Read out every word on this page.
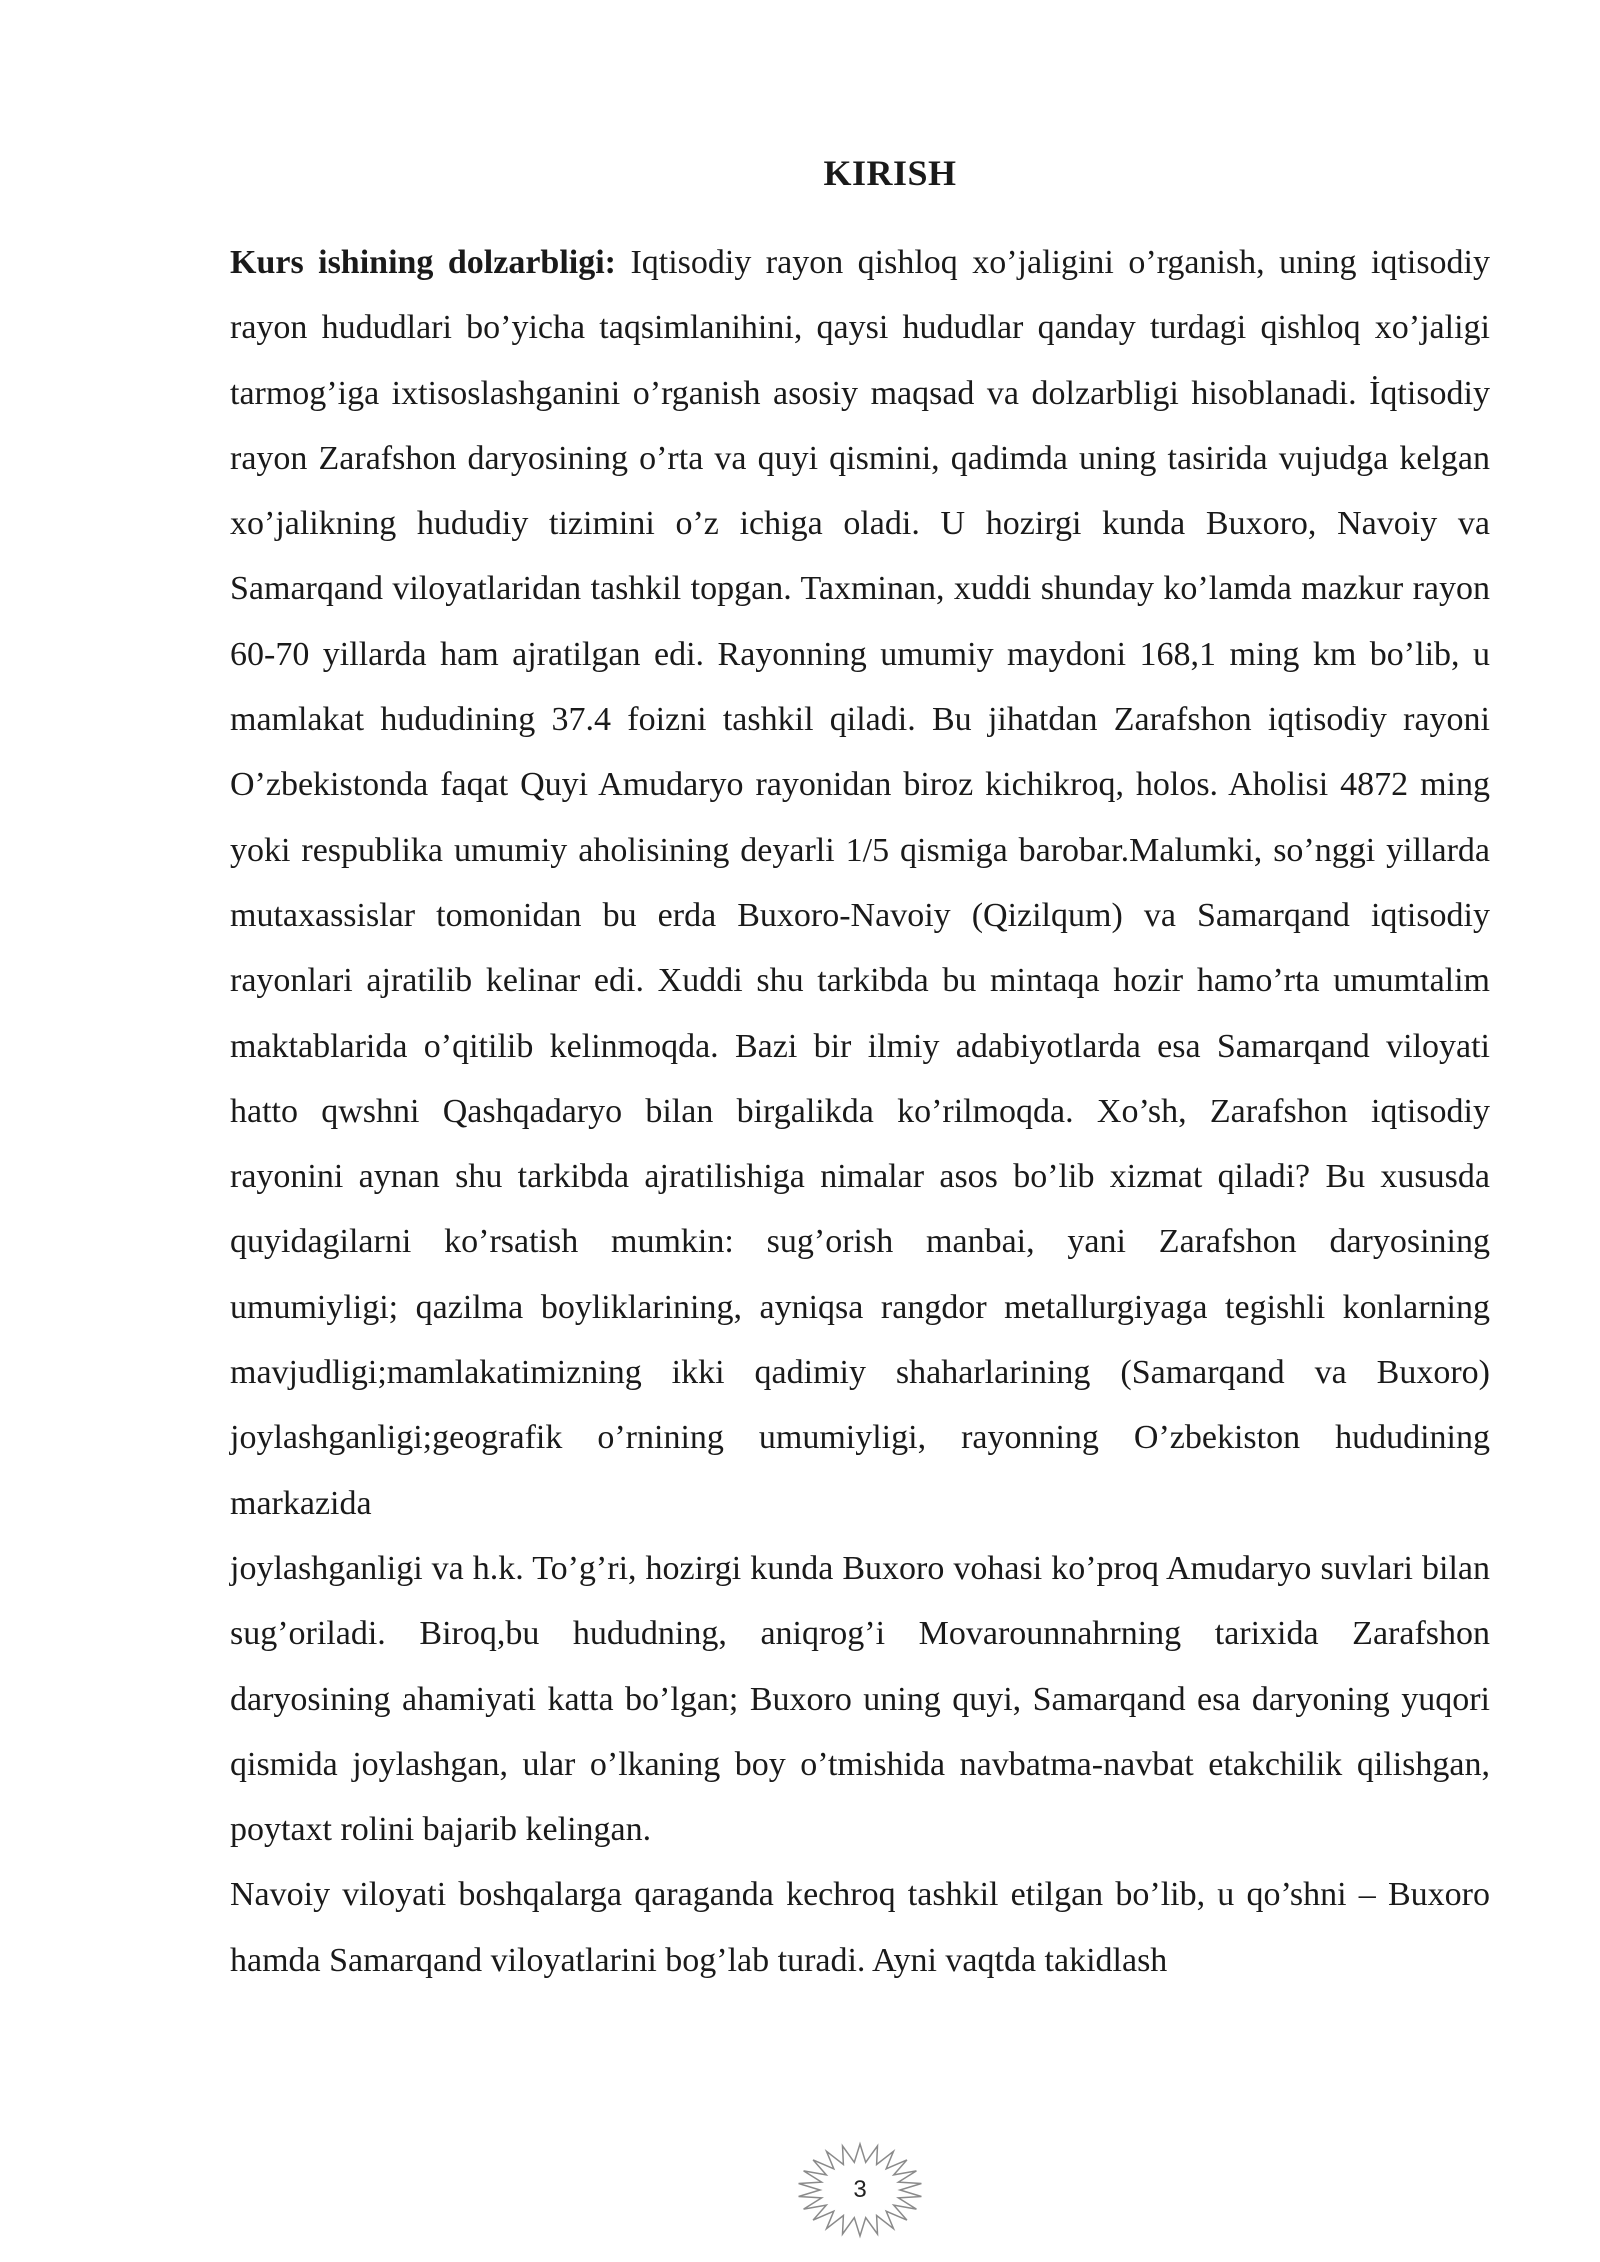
KIRISH

Kurs ishining dolzarbligi: Iqtisodiy rayon qishloq xo’jaligini o’rganish, uning iqtisodiy rayon hududlari bo’yicha taqsimlanihini, qaysi hududlar qanday turdagi qishloq xo’jaligi tarmog’iga ixtisoslashganini o’rganish asosiy maqsad va dolzarbligi hisoblanadi. İqtisodiy rayon Zarafshon daryosining o’rta va quyi qismini, qadimda uning tasirida vujudga kelgan xo’jalikning hududiy tizimini o’z ichiga oladi. U hozirgi kunda Buxoro, Navoiy va Samarqand viloyatlaridan tashkil topgan. Taxminan, xuddi shunday ko’lamda mazkur rayon 60-70 yillarda ham ajratilgan edi. Rayonning umumiy maydoni 168,1 ming km bo’lib, u mamlakat hududining 37.4 foizni tashkil qiladi. Bu jihatdan Zarafshon iqtisodiy rayoni O’zbekistonda faqat Quyi Amudaryo rayonidan biroz kichikroq, holos. Aholisi 4872 ming yoki respublika umumiy aholisining deyarli 1/5 qismiga barobar.Malumki, so’nggi yillarda mutaxassislar tomonidan bu erda Buxoro-Navoiy (Qizilqum) va Samarqand iqtisodiy rayonlari ajratilib kelinar edi. Xuddi shu tarkibda bu mintaqa hozir hamo’rta umumtalim maktablarida o’qitilib kelinmoqda. Bazi bir ilmiy adabiyotlarda esa Samarqand viloyati hatto qwshni Qashqadaryo bilan birgalikda ko’rilmoqda. Xo’sh, Zarafshon iqtisodiy rayonini aynan shu tarkibda ajratilishiga nimalar asos bo’lib xizmat qiladi? Bu xususda quyidagilarni ko’rsatish mumkin: sug’orish manbai, yani Zarafshon daryosining umumiyligi; qazilma boyliklarining, ayniqsa rangdor metallurgiyaga tegishli konlarning mavjudligi;mamlakatimizning ikki qadimiy shaharlarining (Samarqand va Buxoro) joylashganligi;geografik o’rnining umumiyligi, rayonning O’zbekiston hududining markazida

joylashganligi va h.k. To’g’ri, hozirgi kunda Buxoro vohasi ko’proq Amudaryo suvlari bilan sug’oriladi. Biroq,bu hududning, aniqrog’i Movarounnahrning tarixida Zarafshon daryosining ahamiyati katta bo’lgan; Buxoro uning quyi, Samarqand esa daryoning yuqori qismida joylashgan, ular o’lkaning boy o’tmishida navbatma-navbat etakchilik qilishgan, poytaxt rolini bajarib kelingan.

Navoiy viloyati boshqalarga qaraganda kechroq tashkil etilgan bo’lib, u qo’shni – Buxoro hamda Samarqand viloyatlarini bog’lab turadi. Ayni vaqtda takidlash

3
